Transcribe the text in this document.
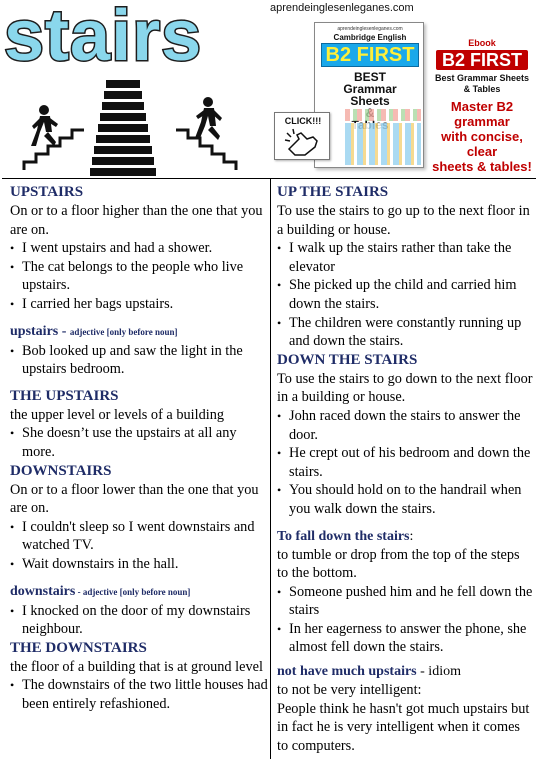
stairs	aprendeinglesenleganes.com
aprendeinglesenleganes.com
Cambridge English
B2 FIRST
BEST
Grammar
Sheets
CLICK!!!
Ebook
B2 FIRST
Best Grammar Sheets
& Tables
Master B2 grammar
with concise, clear
sheets & tables!
UPSTAIRS
On or to a floor higher than the one that you are on.
• I went upstairs and had a shower.
• The cat belongs to the people who live upstairs.
• I carried her bags upstairs.
upstairs - adjective [only before noun]
• Bob looked up and saw the light in the upstairs bedroom.
THE UPSTAIRS
the upper level or levels of a building
• She doesn’t use the upstairs at all any more.
DOWNSTAIRS
On or to a floor lower than the one that you are on.
• I couldn't sleep so I went downstairs and watched TV.
• Wait downstairs in the hall.
downstairs - adjective [only before noun]
• I knocked on the door of my downstairs neighbour.
THE DOWNSTAIRS
the floor of a building that is at ground level
• The downstairs of the two little houses had been entirely refashioned.
UP THE STAIRS
To use the stairs to go up to the next floor in a building or house.
• I walk up the stairs rather than take the elevator
• She picked up the child and carried him down the stairs.
• The children were constantly running up and down the stairs.
DOWN THE STAIRS
To use the stairs to go down to the next floor in a building or house.
• John raced down the stairs to answer the door.
• He crept out of his bedroom and down the stairs.
• You should hold on to the handrail when you walk down the stairs.
To fall down the stairs:
to tumble or drop from the top of the steps to the bottom.
• Someone pushed him and he fell down the stairs
• In her eagerness to answer the phone, she almost fell down the stairs.
not have much upstairs - idiom
to not be very intelligent:
People think he hasn't got much upstairs but in fact he is very intelligent when it comes to computers.
